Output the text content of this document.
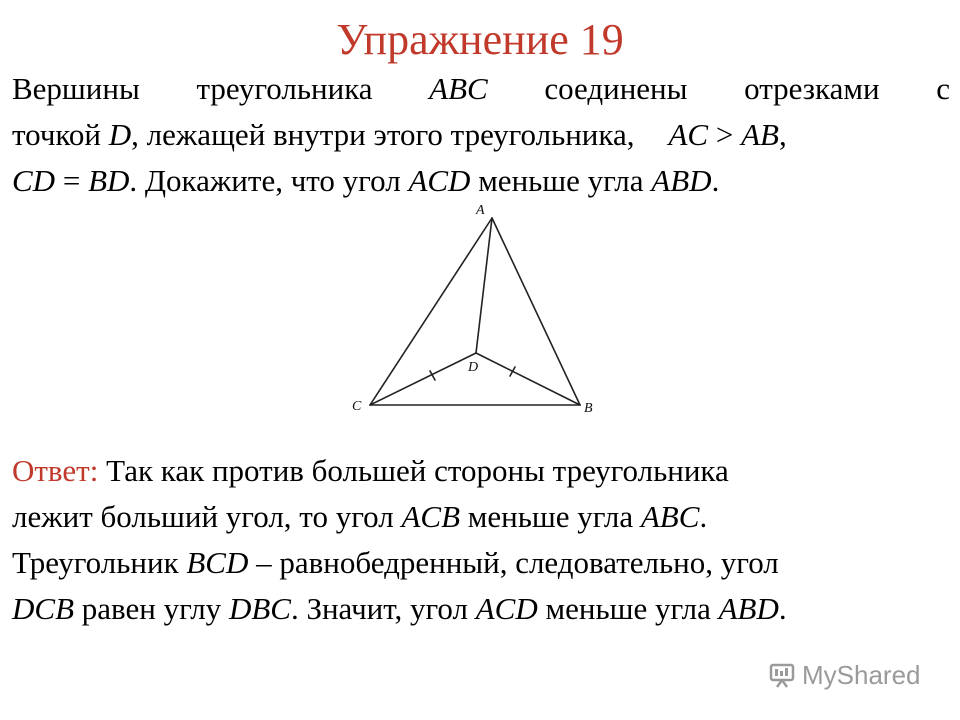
Упражнение 19
Вершины треугольника ABC соединены отрезками с
точкой D, лежащей внутри этого треугольника, AC > AB,
CD = BD. Докажите, что угол ACD меньше угла ABD.
A
C	B
D
Ответ: Так как против большей стороны треугольника
лежит больший угол, то угол ACB меньше угла ABC.
Треугольник BCD – равнобедренный, следовательно, угол
DCB равен углу DBC. Значит, угол ACD меньше угла ABD.
MyShared
